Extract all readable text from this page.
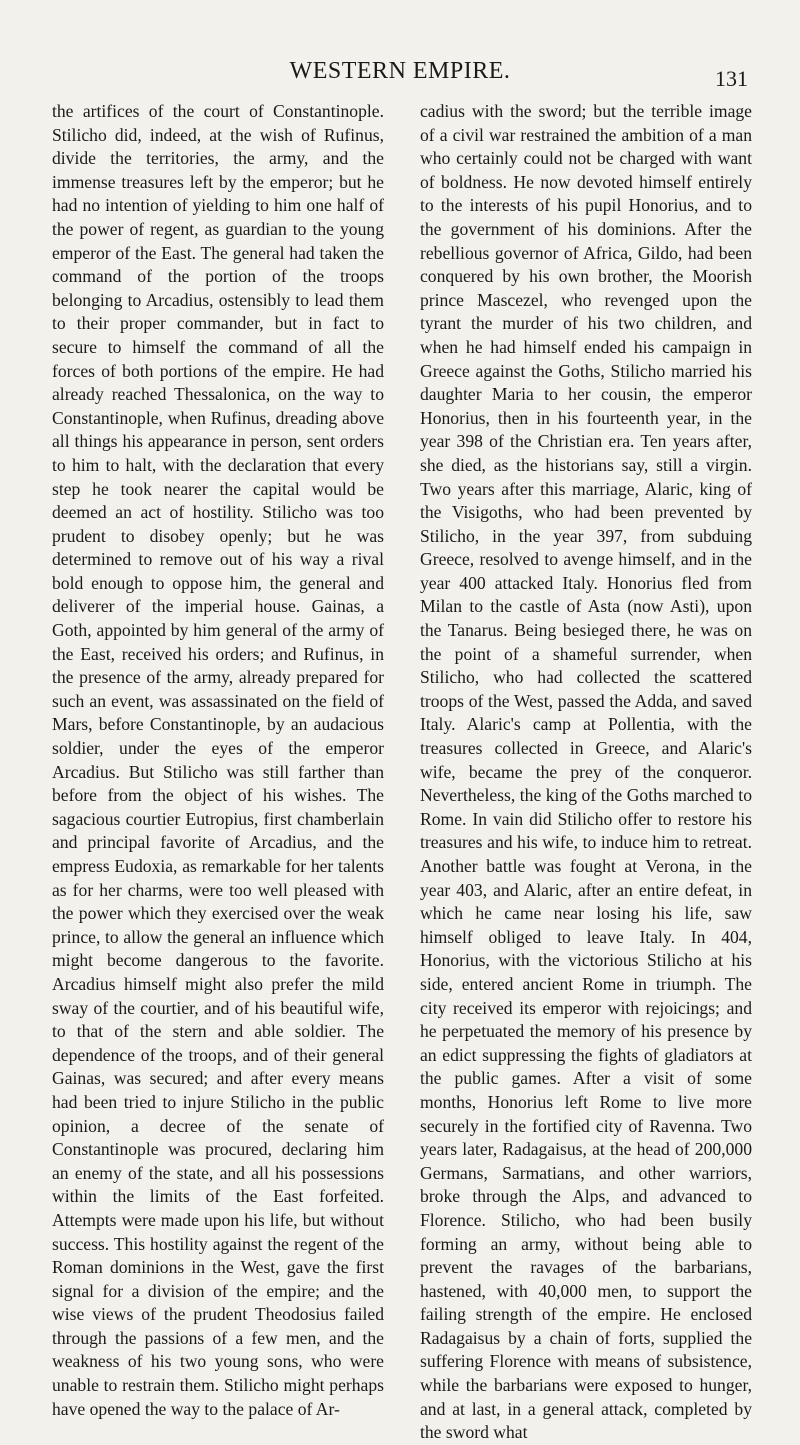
WESTERN EMPIRE.	131

the artifices of the court of Constantinople. Stilicho did, indeed, at the wish of Rufinus, divide the territories, the army, and the immense treasures left by the emperor; but he had no intention of yielding to him one half of the power of regent, as guardian to the young emperor of the East. The general had taken the command of the portion of the troops belonging to Arcadius, ostensibly to lead them to their proper commander, but in fact to secure to himself the command of all the forces of both portions of the empire. He had already reached Thessalonica, on the way to Constantinople, when Rufinus, dreading above all things his appearance in person, sent orders to him to halt, with the declaration that every step he took nearer the capital would be deemed an act of hostility. Stilicho was too prudent to disobey openly; but he was determined to remove out of his way a rival bold enough to oppose him, the general and deliverer of the imperial house. Gainas, a Goth, appointed by him general of the army of the East, received his orders; and Rufinus, in the presence of the army, already prepared for such an event, was assassinated on the field of Mars, before Constantinople, by an audacious soldier, under the eyes of the emperor Arcadius. But Stilicho was still farther than before from the object of his wishes. The sagacious courtier Eutropius, first chamberlain and principal favorite of Arcadius, and the empress Eudoxia, as remarkable for her talents as for her charms, were too well pleased with the power which they exercised over the weak prince, to allow the general an influence which might become dangerous to the favorite. Arcadius himself might also prefer the mild sway of the courtier, and of his beautiful wife, to that of the stern and able soldier. The dependence of the troops, and of their general Gainas, was secured; and after every means had been tried to injure Stilicho in the public opinion, a decree of the senate of Constantinople was procured, declaring him an enemy of the state, and all his possessions within the limits of the East forfeited. Attempts were made upon his life, but without success. This hostility against the regent of the Roman dominions in the West, gave the first signal for a division of the empire; and the wise views of the prudent Theodosius failed through the passions of a few men, and the weakness of his two young sons, who were unable to restrain them. Stilicho might perhaps have opened the way to the palace of Ar-

cadius with the sword; but the terrible image of a civil war restrained the ambition of a man who certainly could not be charged with want of boldness. He now devoted himself entirely to the interests of his pupil Honorius, and to the government of his dominions. After the rebellious governor of Africa, Gildo, had been conquered by his own brother, the Moorish prince Mascezel, who revenged upon the tyrant the murder of his two children, and when he had himself ended his campaign in Greece against the Goths, Stilicho married his daughter Maria to her cousin, the emperor Honorius, then in his fourteenth year, in the year 398 of the Christian era. Ten years after, she died, as the historians say, still a virgin. Two years after this marriage, Alaric, king of the Visigoths, who had been prevented by Stilicho, in the year 397, from subduing Greece, resolved to avenge himself, and in the year 400 attacked Italy. Honorius fled from Milan to the castle of Asta (now Asti), upon the Tanarus. Being besieged there, he was on the point of a shameful surrender, when Stilicho, who had collected the scattered troops of the West, passed the Adda, and saved Italy. Alaric's camp at Pollentia, with the treasures collected in Greece, and Alaric's wife, became the prey of the conqueror. Nevertheless, the king of the Goths marched to Rome. In vain did Stilicho offer to restore his treasures and his wife, to induce him to retreat. Another battle was fought at Verona, in the year 403, and Alaric, after an entire defeat, in which he came near losing his life, saw himself obliged to leave Italy. In 404, Honorius, with the victorious Stilicho at his side, entered ancient Rome in triumph. The city received its emperor with rejoicings; and he perpetuated the memory of his presence by an edict suppressing the fights of gladiators at the public games. After a visit of some months, Honorius left Rome to live more securely in the fortified city of Ravenna. Two years later, Radagaisus, at the head of 200,000 Germans, Sarmatians, and other warriors, broke through the Alps, and advanced to Florence. Stilicho, who had been busily forming an army, without being able to prevent the ravages of the barbarians, hastened, with 40,000 men, to support the failing strength of the empire. He enclosed Radagaisus by a chain of forts, supplied the suffering Florence with means of subsistence, while the barbarians were exposed to hunger, and at last, in a general attack, completed by the sword what
